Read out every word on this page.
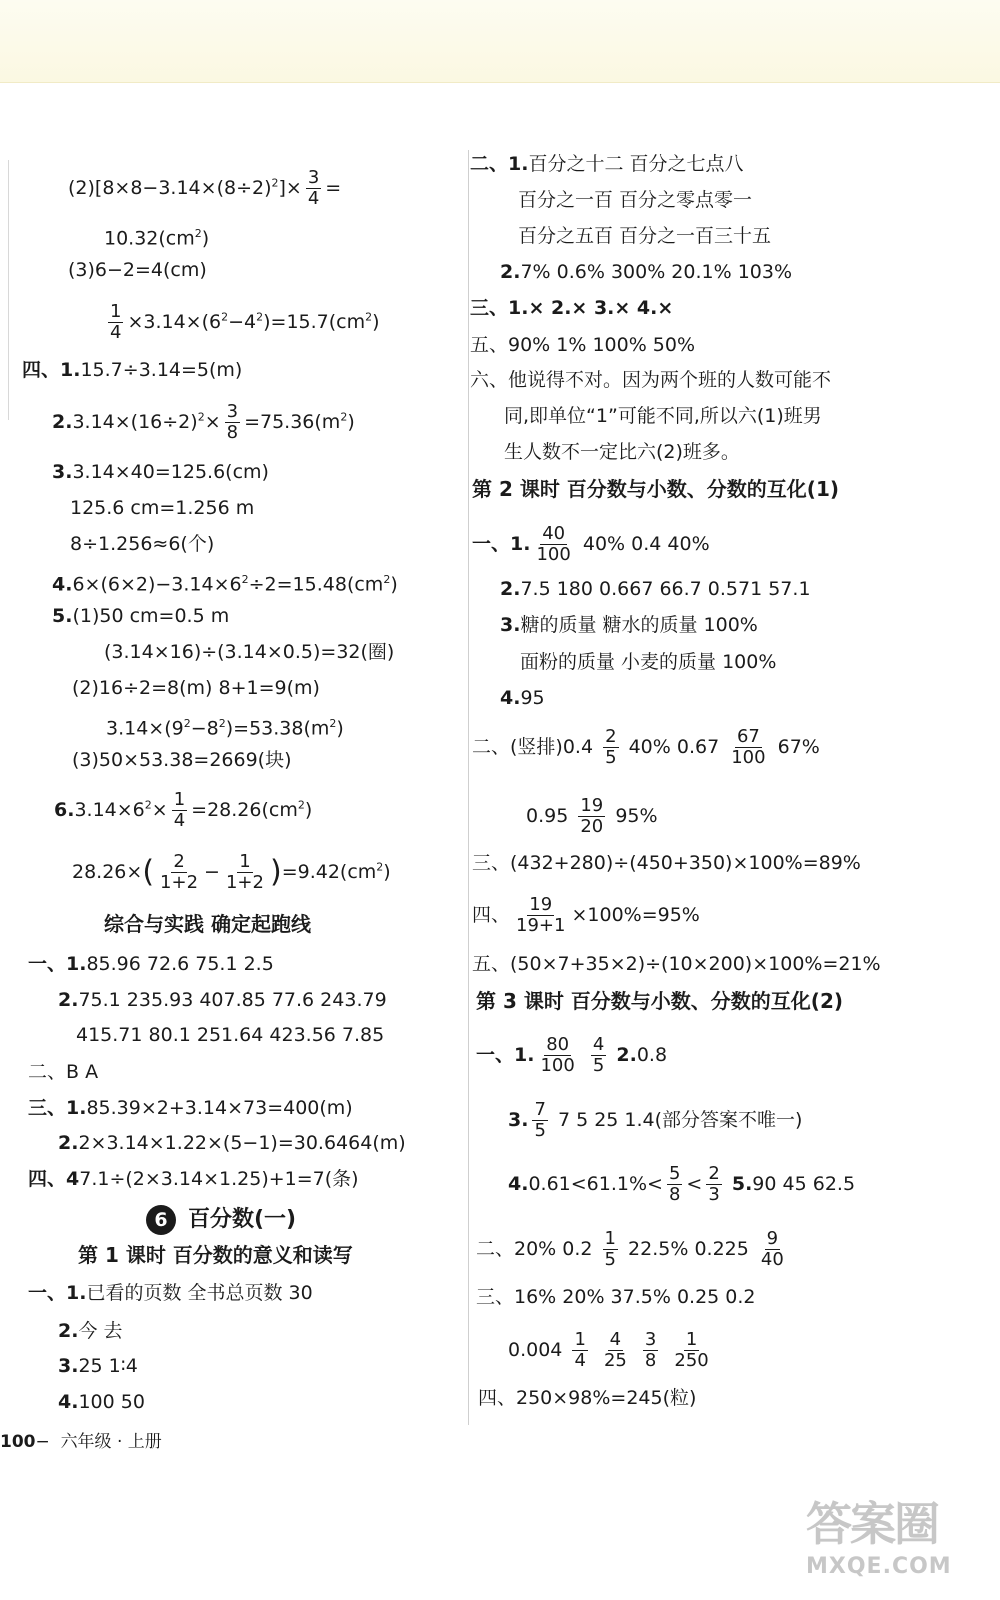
$(2)[8\times 8-3.14\times(8\div 2)^2]\times \frac{3}{4}$ =
$10.32(cm^2)$
(3)6−2=4(cm)
$\frac{1}{4} \times 3.14\times(6^2-4^2)=15.7(cm^2)$
四、1.15.7÷3.14=5(m)
$2.3.14\times(16\div 2)^2\times \frac{3}{8} =75.36(m^2)$
3.3.14×40=125.6(cm)
125.6 cm=1.256 m
8÷1.256≈6(个)
$4.6\times(6\times 2)-3.14\times 6^2\div 2=15.48(cm^2)$
5.(1)50 cm=0.5 m
(3.14×16)÷(3.14×0.5)=32(圈)
(2)16÷2=8(m) 8+1=9(m)
$3.14\times(9^2-8^2)=53.38(m^2)$
(3)50×53.38=2669(块)
$6.3.14\times 6^2\times \frac{1}{4} =28.26(cm^2)$
$28.26\times( \frac{2}{1+2} - \frac{1}{1+2} )=9.42(cm^2)$
综合与实践 确定起跑线
一、1.85.96 72.6 75.1 2.5
2.75.1 235.93 407.85 77.6 243.79
415.71 80.1 251.64 423.56 7.85
二、B A
三、1.85.39×2+3.14×73=400(m)
2.2×3.14×1.22×(5−1)=30.6464(m)
四、47.1÷(2×3.14×1.25)+1=7(条)
6 百分数(一)
第 1 课时 百分数的意义和读写
一、1.已看的页数 全书总页数 30
2.今 去
3.25 1∶4
4.100 50
二、1.百分之十二 百分之七点八
百分之一百 百分之零点零一
百分之五百 百分之一百三十五
2.7% 0.6% 300% 20.1% 103%
三、1.× 2.× 3.× 4.×
五、90% 1% 100% 50%
六、他说得不对。因为两个班的人数可能不
同,即单位“1”可能不同,所以六(1)班男
生人数不一定比六(2)班多。
第 2 课时 百分数与小数、分数的互化(1)
一、1. $\frac{40}{100} 40\%$ 0.4 40%
2.7.5 180 0.667 66.7 0.571 57.1
3.糖的质量 糖水的质量 100%
面粉的质量 小麦的质量 100%
4.95
二、(竖排)$0.4 \frac{2}{5} 40\%$ $0.67 \frac{67}{100} 67\%$
$0.95 \frac{19}{20} 95\%$
三、(432+280)÷(450+350)×100%=89%
四、 $\frac{19}{19+1} \times 100\%=95\%$
五、(50×7+35×2)÷(10×200)×100%=21%
第 3 课时 百分数与小数、分数的互化(2)
一、1. $\frac{80}{100}$
$\frac{4}{5} 2.0.8$
3. $\frac{7}{5} 7$ 5 25 1.4(部分答案不唯一)
$4.0.61<61.1\%< \frac{5}{8} < \frac{2}{3} 5.90$ 45 62.5
二、20% $0.2 \frac{1}{5} 22.5\%$ $0.225 \frac{9}{40}$
三、16% 20% 37.5% 0.25 0.2
$0.004 \frac{1}{4}$
$\frac{4}{25}$
$\frac{3}{8}$
$\frac{1}{250}$
四、250×98%=245(粒)
100− 六年级 · 上册
答案圈
MXQE.COM
